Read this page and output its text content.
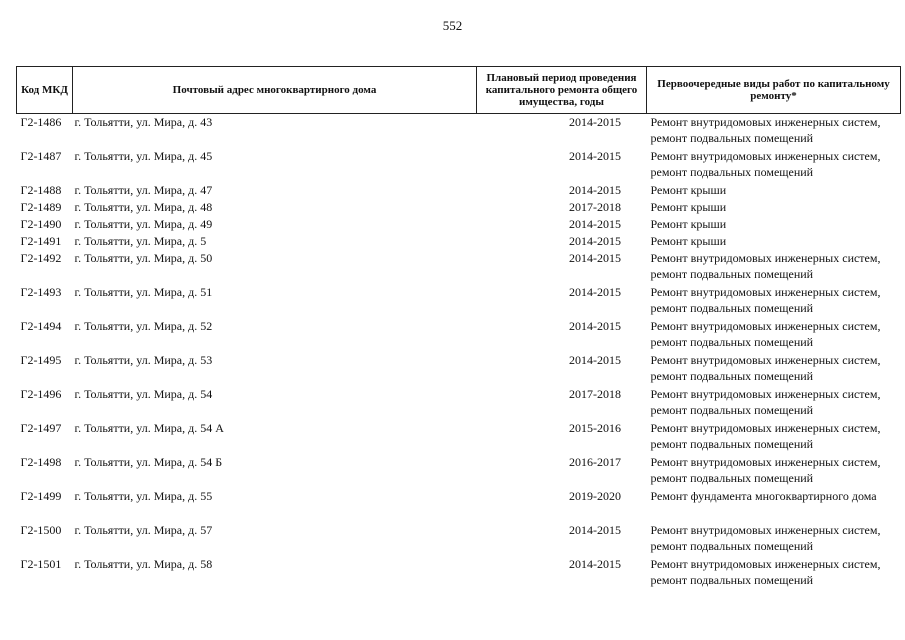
552
Код МКД	Почтовый адрес многоквартирного дома	Плановый период проведения капитального ремонта общего имущества, годы	Первоочередные виды работ по капитальному ремонту*
Г2-1486	г. Тольятти, ул. Мира, д. 43	2014-2015	Ремонт внутридомовых инженерных систем, ремонт подвальных помещений
Г2-1487	г. Тольятти, ул. Мира, д. 45	2014-2015	Ремонт внутридомовых инженерных систем, ремонт подвальных помещений
Г2-1488	г. Тольятти, ул. Мира, д. 47	2014-2015	Ремонт крыши
Г2-1489	г. Тольятти, ул. Мира, д. 48	2017-2018	Ремонт крыши
Г2-1490	г. Тольятти, ул. Мира, д. 49	2014-2015	Ремонт крыши
Г2-1491	г. Тольятти, ул. Мира, д. 5	2014-2015	Ремонт крыши
Г2-1492	г. Тольятти, ул. Мира, д. 50	2014-2015	Ремонт внутридомовых инженерных систем, ремонт подвальных помещений
Г2-1493	г. Тольятти, ул. Мира, д. 51	2014-2015	Ремонт внутридомовых инженерных систем, ремонт подвальных помещений
Г2-1494	г. Тольятти, ул. Мира, д. 52	2014-2015	Ремонт внутридомовых инженерных систем, ремонт подвальных помещений
Г2-1495	г. Тольятти, ул. Мира, д. 53	2014-2015	Ремонт внутридомовых инженерных систем, ремонт подвальных помещений
Г2-1496	г. Тольятти, ул. Мира, д. 54	2017-2018	Ремонт внутридомовых инженерных систем, ремонт подвальных помещений
Г2-1497	г. Тольятти, ул. Мира, д. 54 А	2015-2016	Ремонт внутридомовых инженерных систем, ремонт подвальных помещений
Г2-1498	г. Тольятти, ул. Мира, д. 54 Б	2016-2017	Ремонт внутридомовых инженерных систем, ремонт подвальных помещений
Г2-1499	г. Тольятти, ул. Мира, д. 55	2019-2020	Ремонт фундамента многоквартирного дома
Г2-1500	г. Тольятти, ул. Мира, д. 57	2014-2015	Ремонт внутридомовых инженерных систем, ремонт подвальных помещений
Г2-1501	г. Тольятти, ул. Мира, д. 58	2014-2015	Ремонт внутридомовых инженерных систем, ремонт подвальных помещений
